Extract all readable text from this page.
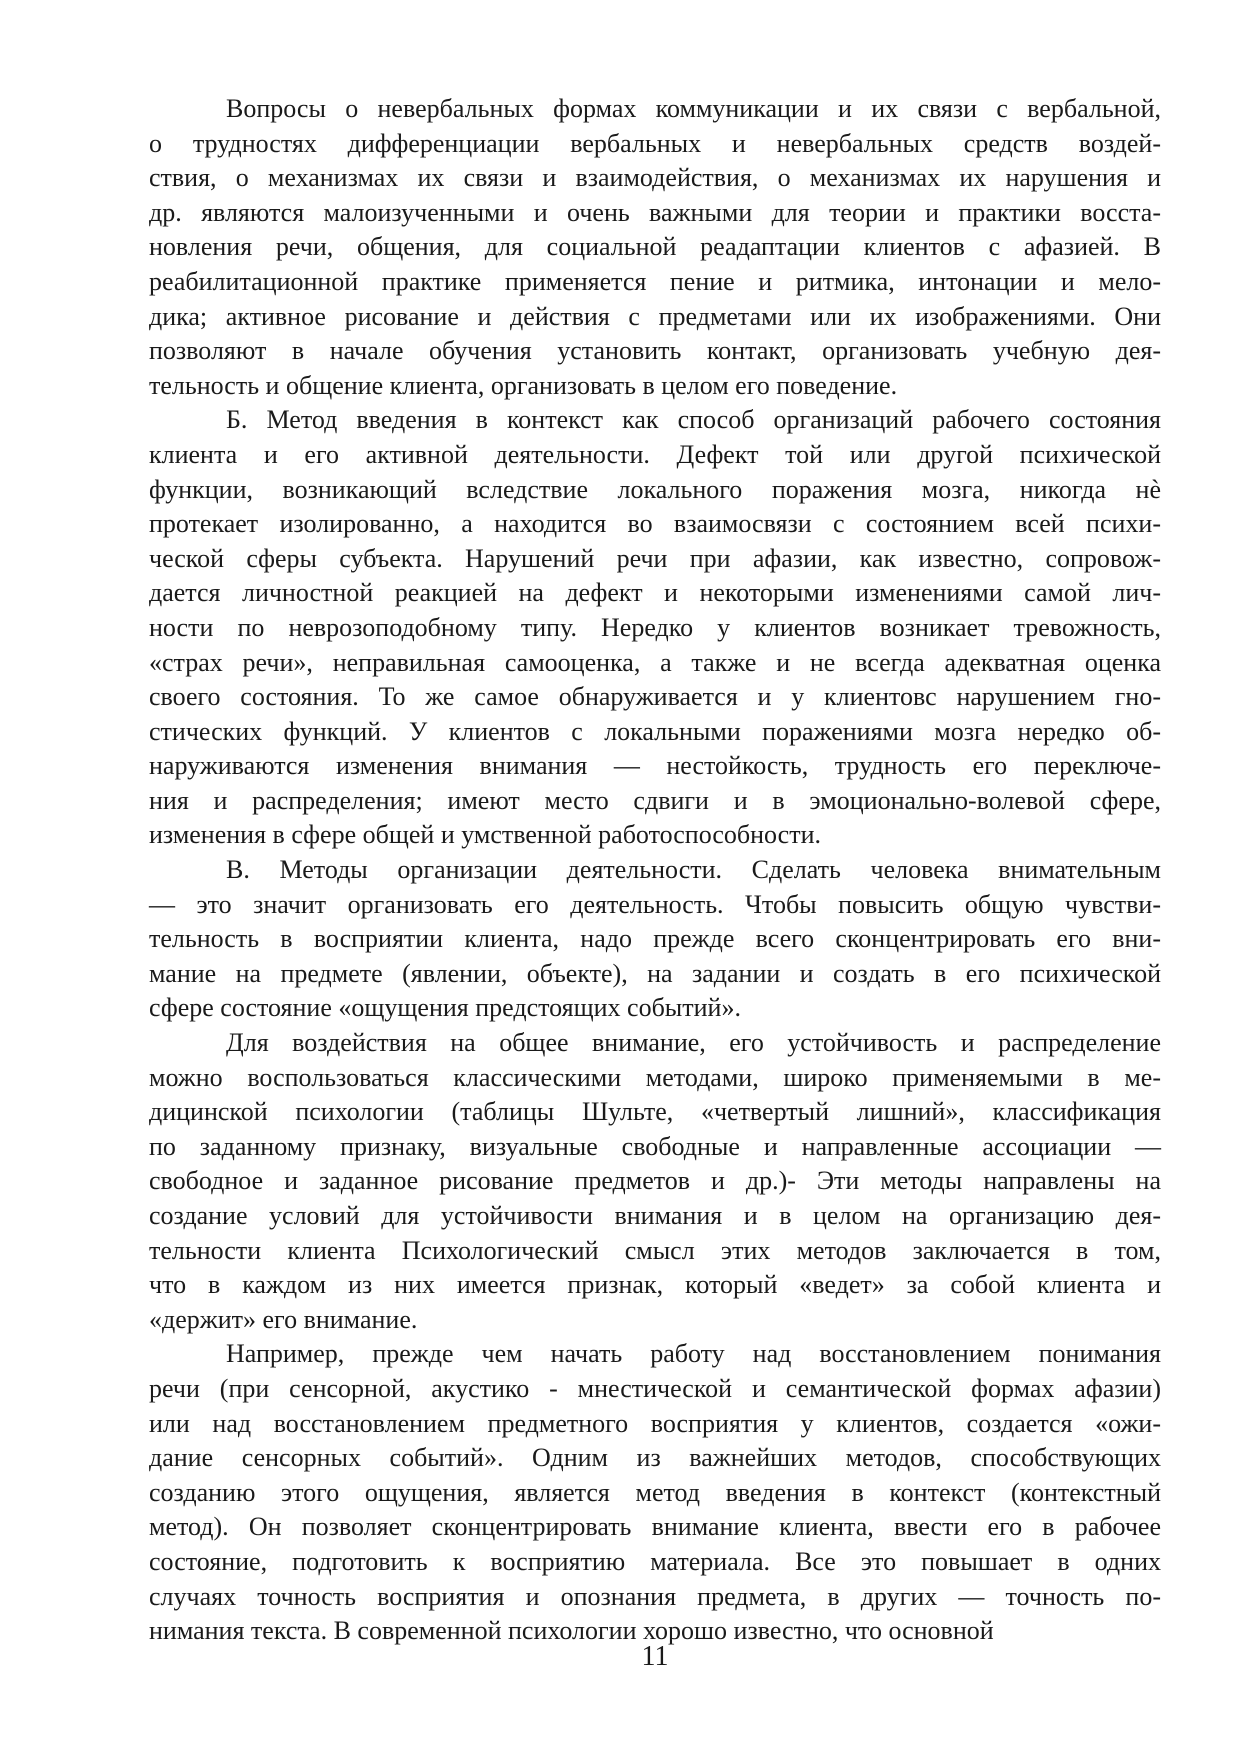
Вопросы о невербальных формах коммуникации и их связи с вербальной,
о трудностях дифференциации вербальных и невербальных средств воздей-
ствия, о механизмах их связи и взаимодействия, о механизмах их нарушения и
др. являются малоизученными и очень важными для теории и практики восста-
новления речи, общения, для социальной реадаптации клиентов с афазией. В
реабилитационной практике применяется пение и ритмика, интонации и мело-
дика; активное рисование и действия с предметами или их изображениями. Они
позволяют в начале обучения установить контакт, организовать учебную дея-
тельность и общение клиента, организовать в целом его поведение.
Б. Метод введения в контекст как способ организаций рабочего состояния
клиента и его активной деятельности. Дефект той или другой психической
функции, возникающий вследствие локального поражения мозга, никогда нѐ
протекает изолированно, а находится во взаимосвязи с состоянием всей психи-
ческой сферы субъекта. Нарушений речи при афазии, как известно, сопровож-
дается личностной реакцией на дефект и некоторыми изменениями самой лич-
ности по неврозоподобному типу. Нередко у клиентов возникает тревожность,
«страх речи», неправильная самооценка, а также и не всегда адекватная оценка
своего состояния. То же самое обнаруживается и у клиентовс нарушением гно-
стических функций. У клиентов с локальными поражениями мозга нередко об-
наруживаются изменения внимания — нестойкость, трудность его переключе-
ния и распределения; имеют место сдвиги и в эмоционально-волевой сфере,
изменения в сфере общей и умственной работоспособности.
В. Методы организации деятельности. Сделать человека внимательным
— это значит организовать его деятельность. Чтобы повысить общую чувстви-
тельность в восприятии клиента, надо прежде всего сконцентрировать его вни-
мание на предмете (явлении, объекте), на задании и создать в его психической
сфере состояние «ощущения предстоящих событий».
Для воздействия на общее внимание, его устойчивость и распределение
можно воспользоваться классическими методами, широко применяемыми в ме-
дицинской психологии (таблицы Шульте, «четвертый лишний», классификация
по заданному признаку, визуальные свободные и направленные ассоциации —
свободное и заданное рисование предметов и др.)- Эти методы направлены на
создание условий для устойчивости внимания и в целом на организацию дея-
тельности клиента Психологический смысл этих методов заключается в том,
что в каждом из них имеется признак, который «ведет» за собой клиента и
«держит» его внимание.
Например, прежде чем начать работу над восстановлением понимания
речи (при сенсорной, акустико - мнестической и семантической формах афазии)
или над восстановлением предметного восприятия у клиентов, создается «ожи-
дание сенсорных событий». Одним из важнейших методов, способствующих
созданию этого ощущения, является метод введения в контекст (контекстный
метод). Он позволяет сконцентрировать внимание клиента, ввести его в рабочее
состояние, подготовить к восприятию материала. Все это повышает в одних
случаях точность восприятия и опознания предмета, в других — точность по-
нимания текста. В современной психологии хорошо известно, что основной
11
